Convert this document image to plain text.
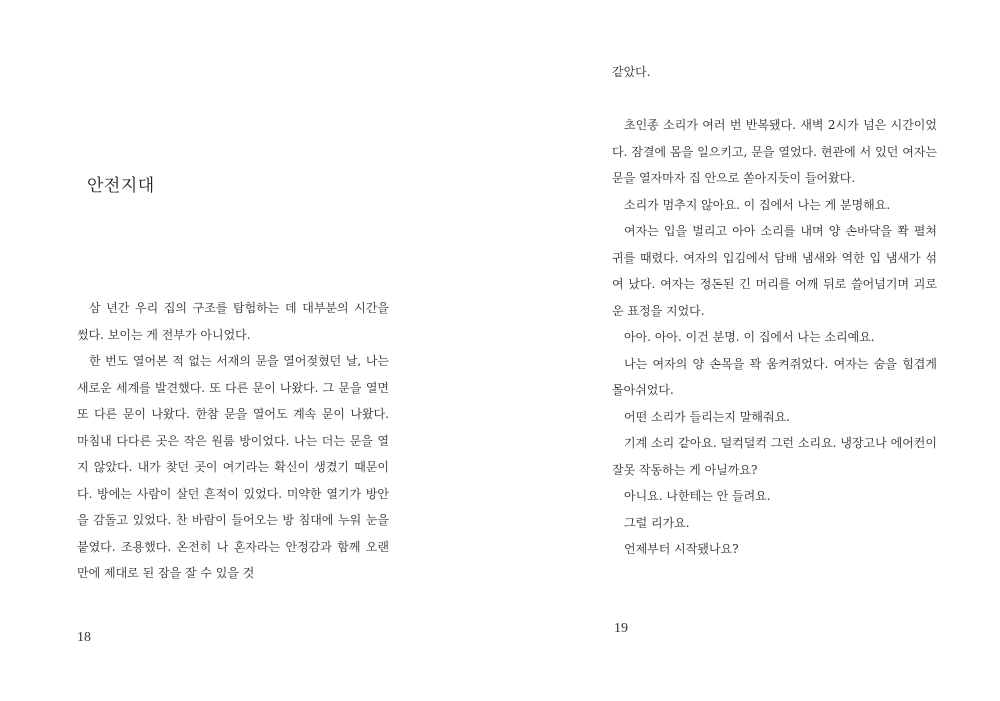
안전지대

삼 년간 우리 집의 구조를 탐험하는 데 대부분의 시간을 썼다. 보이는 게 전부가 아니었다.

한 번도 열어본 적 없는 서재의 문을 열어젖혔던 날, 나는 새로운 세계를 발견했다. 또 다른 문이 나왔다. 그 문을 열면 또 다른 문이 나왔다. 한참 문을 열어도 계속 문이 나왔다. 마침내 다다른 곳은 작은 원룸 방이었다. 나는 더는 문을 열지 않았다. 내가 찾던 곳이 여기라는 확신이 생겼기 때문이다. 방에는 사람이 살던 흔적이 있었다. 미약한 열기가 방안을 감돌고 있었다. 찬 바람이 들어오는 방 침대에 누워 눈을 붙였다. 조용했다. 온전히 나 혼자라는 안정감과 함께 오랜만에 제대로 된 잠을 잘 수 있을 것

18

같았다.

초인종 소리가 여러 번 반복됐다. 새벽 2시가 넘은 시간이었다. 잠결에 몸을 일으키고, 문을 열었다. 현관에 서 있던 여자는 문을 열자마자 집 안으로 쏟아지듯이 들어왔다.

소리가 멈추지 않아요. 이 집에서 나는 게 분명해요.

여자는 입을 벌리고 아아 소리를 내며 양 손바닥을 쫙 펼쳐 귀를 때렸다. 여자의 입김에서 담배 냄새와 역한 입 냄새가 섞여 났다. 여자는 정돈된 긴 머리를 어깨 뒤로 쓸어넘기며 괴로운 표정을 지었다.

아아. 아아. 이건 분명. 이 집에서 나는 소리예요.

나는 여자의 양 손목을 꽉 움켜쥐었다. 여자는 숨을 힘겹게 몰아쉬었다.

어떤 소리가 들리는지 말해줘요.

기계 소리 같아요. 덜컥덜컥 그런 소리요. 냉장고나 에어컨이 잘못 작동하는 게 아닐까요?

아니요. 나한테는 안 들려요.

그럴 리가요.

언제부터 시작됐나요?

19
